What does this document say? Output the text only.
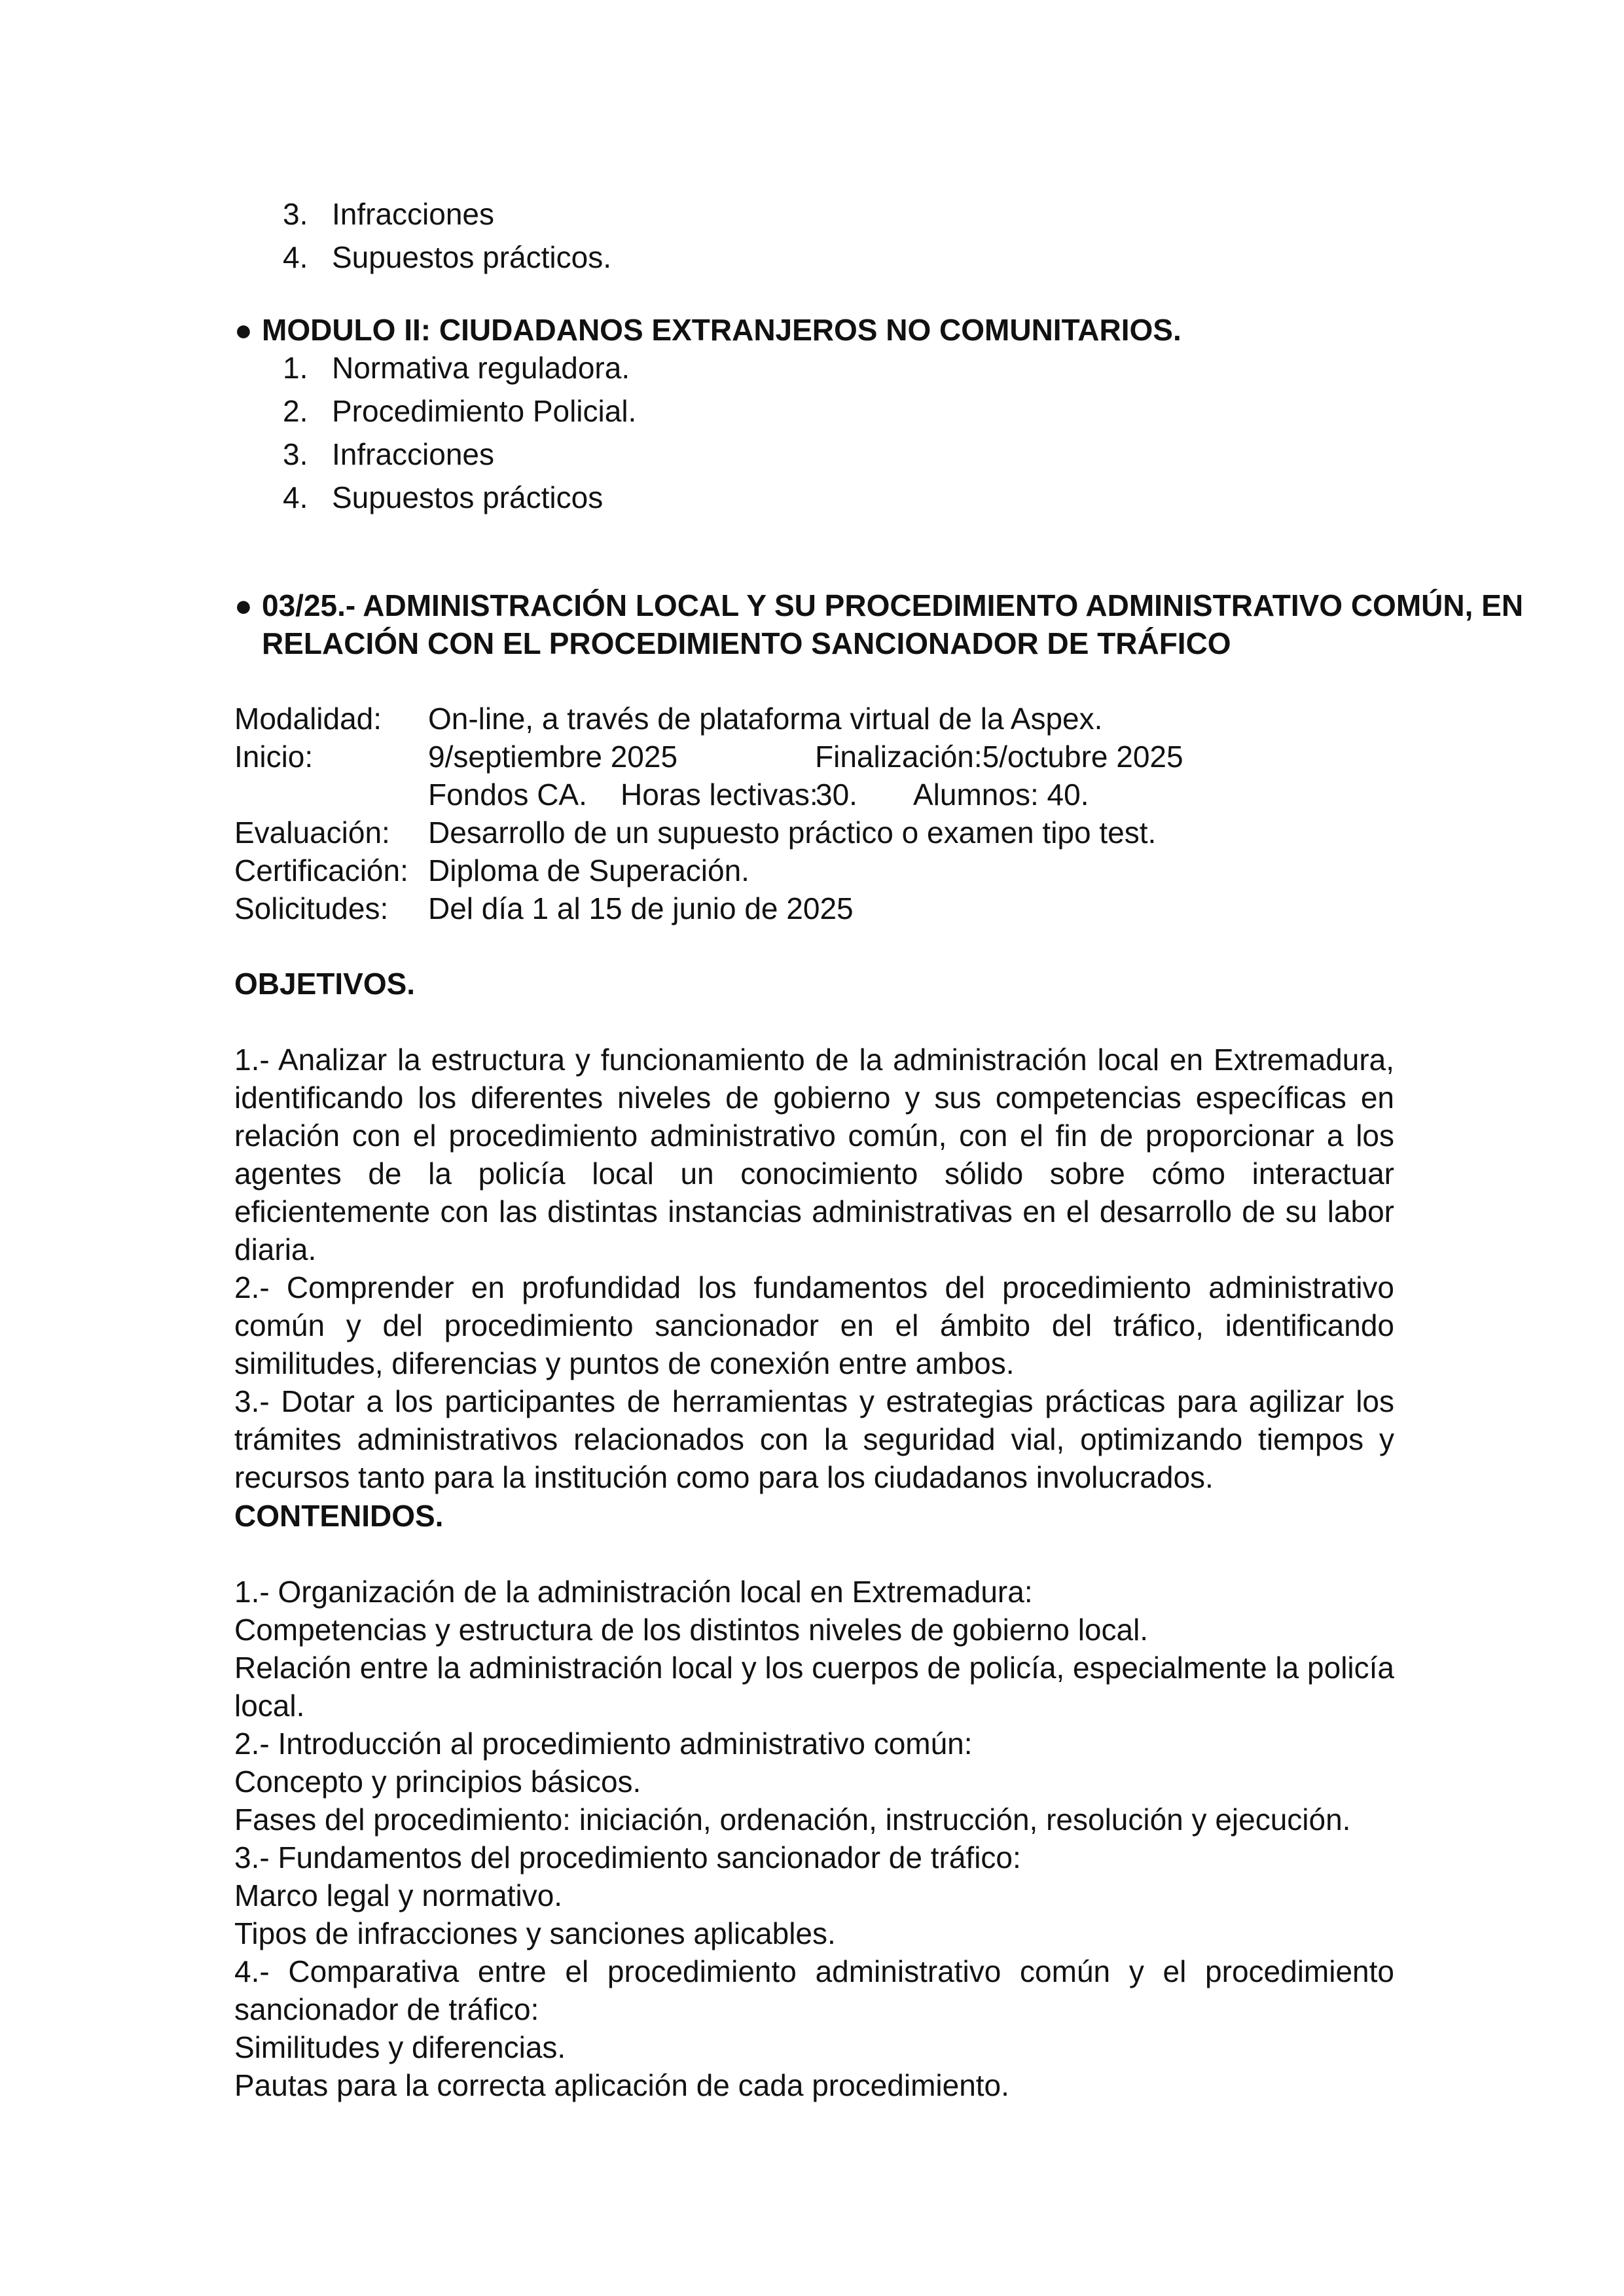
3. Infracciones
4. Supuestos prácticos.
● MODULO II: CIUDADANOS EXTRANJEROS NO COMUNITARIOS.
1. Normativa reguladora.
2. Procedimiento Policial.
3. Infracciones
4. Supuestos prácticos
● 03/25.- ADMINISTRACIÓN LOCAL Y SU PROCEDIMIENTO ADMINISTRATIVO COMÚN, EN
RELACIÓN CON EL PROCEDIMIENTO SANCIONADOR DE TRÁFICO
Modalidad: On-line, a través de plataforma virtual de la Aspex.
Inicio:	9/septiembre 2025	Finalización:5/octubre 2025
Fondos CA. Horas lectivas:
30. Alumnos: 40.
Evaluación: Desarrollo de un supuesto práctico o examen tipo test.
Certificación: Diploma de Superación.
Solicitudes: Del día 1 al 15 de junio de 2025
OBJETIVOS.

1.- Analizar la estructura y funcionamiento de la administración local en Extremadura, identificando los diferentes niveles de gobierno y sus competencias específicas en relación con el procedimiento administrativo común, con el fin de proporcionar a los agentes de la policía local un conocimiento sólido sobre cómo interactuar eficientemente con las distintas instancias administrativas en el desarrollo de su labor diaria.

2.- Comprender en profundidad los fundamentos del procedimiento administrativo común y del procedimiento sancionador en el ámbito del tráfico, identificando similitudes, diferencias y puntos de conexión entre ambos.

3.- Dotar a los participantes de herramientas y estrategias prácticas para agilizar los trámites administrativos relacionados con la seguridad vial, optimizando tiempos y recursos tanto para la institución como para los ciudadanos involucrados.

CONTENIDOS.

1.- Organización de la administración local en Extremadura:

Competencias y estructura de los distintos niveles de gobierno local.

Relación entre la administración local y los cuerpos de policía, especialmente la policía local.

2.- Introducción al procedimiento administrativo común:

Concepto y principios básicos.

Fases del procedimiento: iniciación, ordenación, instrucción, resolución y ejecución.

3.- Fundamentos del procedimiento sancionador de tráfico:

Marco legal y normativo.

Tipos de infracciones y sanciones aplicables.

4.- Comparativa entre el procedimiento administrativo común y el procedimiento sancionador de tráfico:

Similitudes y diferencias.

Pautas para la correcta aplicación de cada procedimiento.
